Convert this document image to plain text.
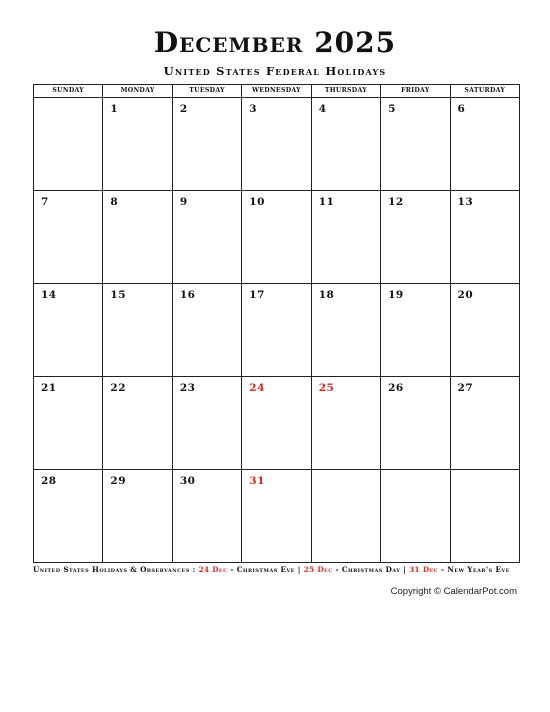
December 2025
United States Federal Holidays
SUNDAY	MONDAY	TUESDAY	WEDNESDAY	THURSDAY	FRIDAY	SATURDAY

	1	2	3	4	5	6

7	8	9	10	11	12	13

14	15	16	17	18	19	20

21	22	23	24	25	26	27

28	29	30	31			

United States Holidays & Observances : 24 Dec - Christmas Eve | 25 Dec - Christmas Day | 31 Dec - New Year's Eve
Copyright © CalendarPot.com
